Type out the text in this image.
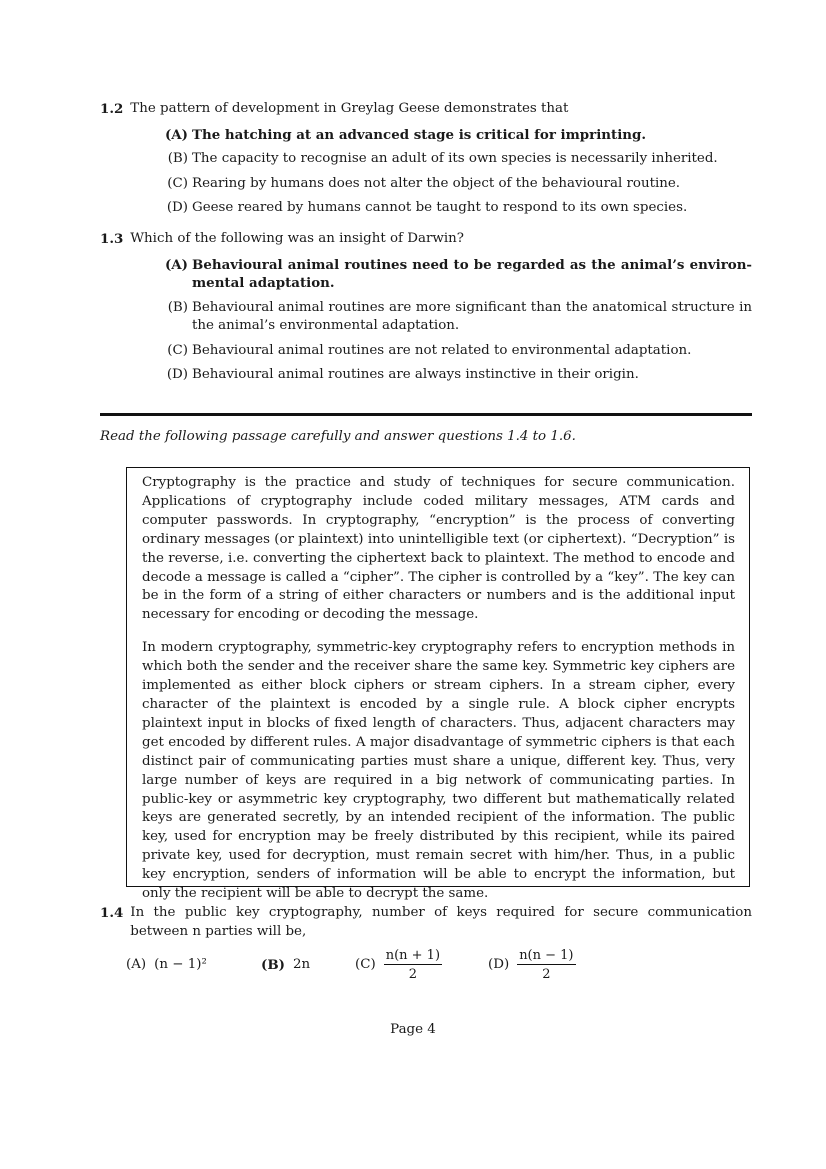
1.2 The pattern of development in Greylag Geese demonstrates that
(A) The hatching at an advanced stage is critical for imprinting.
(B) The capacity to recognise an adult of its own species is necessarily inherited.
(C) Rearing by humans does not alter the object of the behavioural routine.
(D) Geese reared by humans cannot be taught to respond to its own species.
1.3 Which of the following was an insight of Darwin?
(A) Behavioural animal routines need to be regarded as the animal’s environ-mental adaptation.
(B) Behavioural animal routines are more significant than the anatomical structure in the animal’s environmental adaptation.
(C) Behavioural animal routines are not related to environmental adaptation.
(D) Behavioural animal routines are always instinctive in their origin.
Read the following passage carefully and answer questions 1.4 to 1.6.

Cryptography is the practice and study of techniques for secure communication. Applications of cryptography include coded military messages, ATM cards and computer passwords. In cryptography, “encryption” is the process of converting ordinary messages (or plaintext) into unintelligible text (or ciphertext). “Decryption” is the reverse, i.e. converting the ciphertext back to plaintext. The method to encode and decode a message is called a “cipher”. The cipher is controlled by a “key”. The key can be in the form of a string of either characters or numbers and is the additional input necessary for encoding or decoding the message.

In modern cryptography, symmetric-key cryptography refers to encryption methods in which both the sender and the receiver share the same key. Symmetric key ciphers are implemented as either block ciphers or stream ciphers. In a stream cipher, every character of the plaintext is encoded by a single rule. A block cipher encrypts plaintext input in blocks of fixed length of characters. Thus, adjacent characters may get encoded by different rules. A major disadvantage of symmetric ciphers is that each distinct pair of communicating parties must share a unique, different key. Thus, very large number of keys are required in a big network of communicating parties. In public-key or asymmetric key cryptography, two different but mathematically related keys are generated secretly, by an intended recipient of the information. The public key, used for encryption may be freely distributed by this recipient, while its paired private key, used for decryption, must remain secret with him/her. Thus, in a public key encryption, senders of information will be able to encrypt the information, but only the recipient will be able to decrypt the same.

1.4 In the public key cryptography, number of keys required for secure communication between n parties will be,
(A) (n − 1)²	(B) 2n	$(C) \frac{n(n + 1)}{2}$	$(D) \frac{n(n - 1)}{2}$
Page 4
